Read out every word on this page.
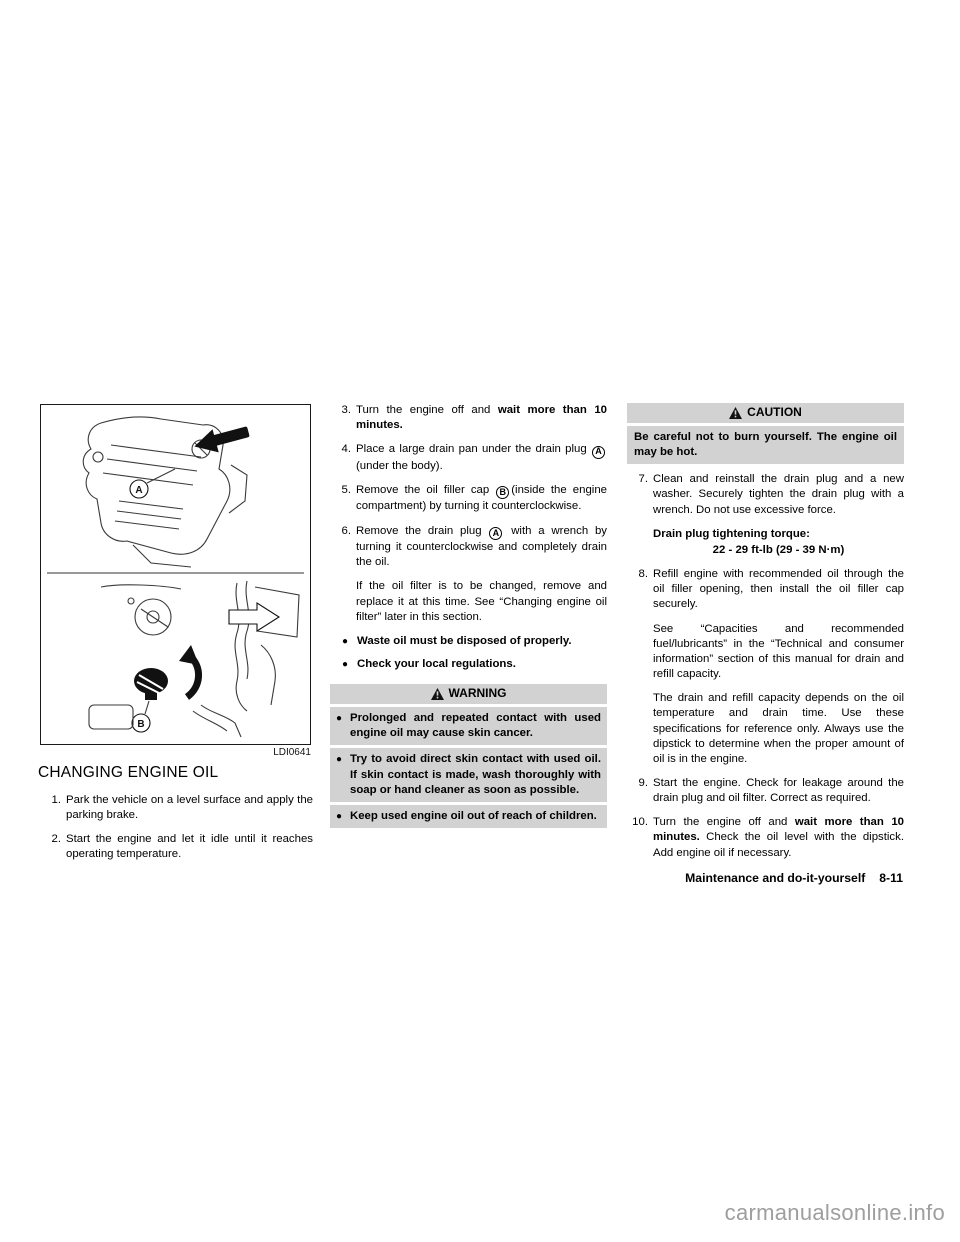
A
B
LDI0641
CHANGING ENGINE OIL
1. Park the vehicle on a level surface and apply the parking brake.
2. Start the engine and let it idle until it reaches operating temperature.
3. Turn the engine off and wait more than 10 minutes.
4. Place a large drain pan under the drain plug A(under the body).
5. Remove the oil filler cap B (inside the engine compartment) by turning it counterclockwise.
6. Remove the drain plug A with a wrench by turning it counterclockwise and completely drain the oil.
If the oil filter is to be changed, remove and replace it at this time. See “Changing engine oil filter” later in this section.
● Waste oil must be disposed of properly.
● Check your local regulations.
WARNING
● Prolonged and repeated contact with used engine oil may cause skin cancer.
● Try to avoid direct skin contact with used oil. If skin contact is made, wash thoroughly with soap or hand cleaner as soon as possible.
● Keep used engine oil out of reach of children.
CAUTION
Be careful not to burn yourself. The engine oil may be hot.
7. Clean and reinstall the drain plug and a new washer. Securely tighten the drain plug with a wrench. Do not use excessive force.
Drain plug tightening torque:
22 - 29 ft-lb (29 - 39 N·m)
8. Refill engine with recommended oil through the oil filler opening, then install the oil filler cap securely.
See “Capacities and recommended fuel/lubricants” in the “Technical and consumer information” section of this manual for drain and refill capacity.
The drain and refill capacity depends on the oil temperature and drain time. Use these specifications for reference only. Always use the dipstick to determine when the proper amount of oil is in the engine.
9. Start the engine. Check for leakage around the drain plug and oil filter. Correct as required.
10. Turn the engine off and wait more than 10 minutes. Check the oil level with the dipstick. Add engine oil if necessary.
Maintenance and do-it-yourself 8-11
carmanualsonline.info
